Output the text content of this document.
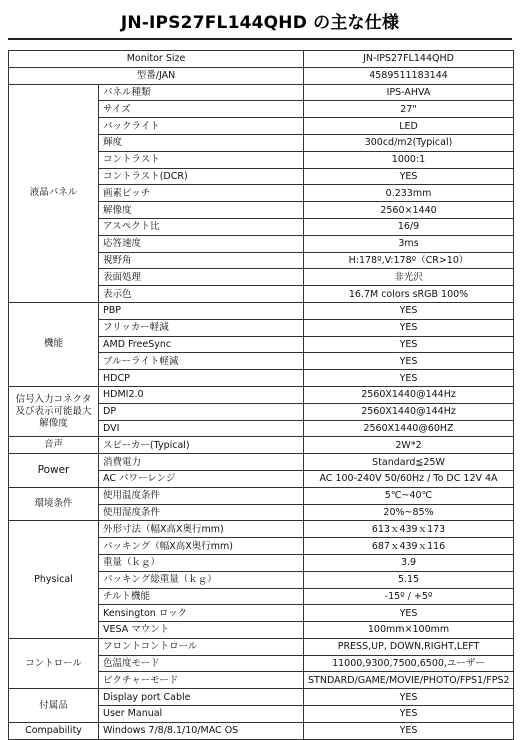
JN-IPS27FL144QHD の主な仕様
Monitor Size		JN-IPS27FL144QHD
型番/JAN		4589511183144
液晶パネル	パネル種類	IPS-AHVA
	サイズ	27"
	バックライト	LED
	輝度	300cd/m2(Typical)
	コントラスト	1000:1
	コントラスト(DCR)	YES
	画素ピッチ	0.233mm
	解像度	2560×1440
	アスペクト比	16/9
	応答速度	3ms
	視野角	H:178º,V:178º（CR>10）
	表面処理	非光沢
	表示色	16.7M colors sRGB 100%
機能	PBP	YES
	フリッカー軽減	YES
	AMD FreeSync	YES
	ブルーライト軽減	YES
	HDCP	YES
信号入力コネクタ及び表示可能最大解像度	HDMI2.0	2560X1440@144Hz
	DP	2560X1440@144Hz
	DVI	2560X1440@60HZ
音声	スピーカー(Typical)	2W*2
Power	消費電力	Standard≦25W
	AC パワーレンジ	AC 100-240V 50/60Hz / To DC 12V 4A
環境条件	使用温度条件	5℃~40℃
	使用湿度条件	20%~85%
Physical	外形寸法（幅X高X奥行mm)	613ｘ439ｘ173
	パッキング（幅X高X奥行mm)	687ｘ439ｘ116
	重量（ｋｇ）	3.9
	パッキング総重量（ｋｇ）	5.15
	チルト機能	-15º / +5º
	Kensington ロック	YES
	VESA マウント	100mm×100mm
コントロール	フロントコントロール	PRESS,UP, DOWN,RIGHT,LEFT
	色温度モード	11000,9300,7500,6500,ユーザー
	ピクチャーモード	STNDARD/GAME/MOVIE/PHOTO/FPS1/FPS2
付属品	Display port Cable	YES
	User Manual	YES
Compability	Windows 7/8/8.1/10/MAC OS	YES
